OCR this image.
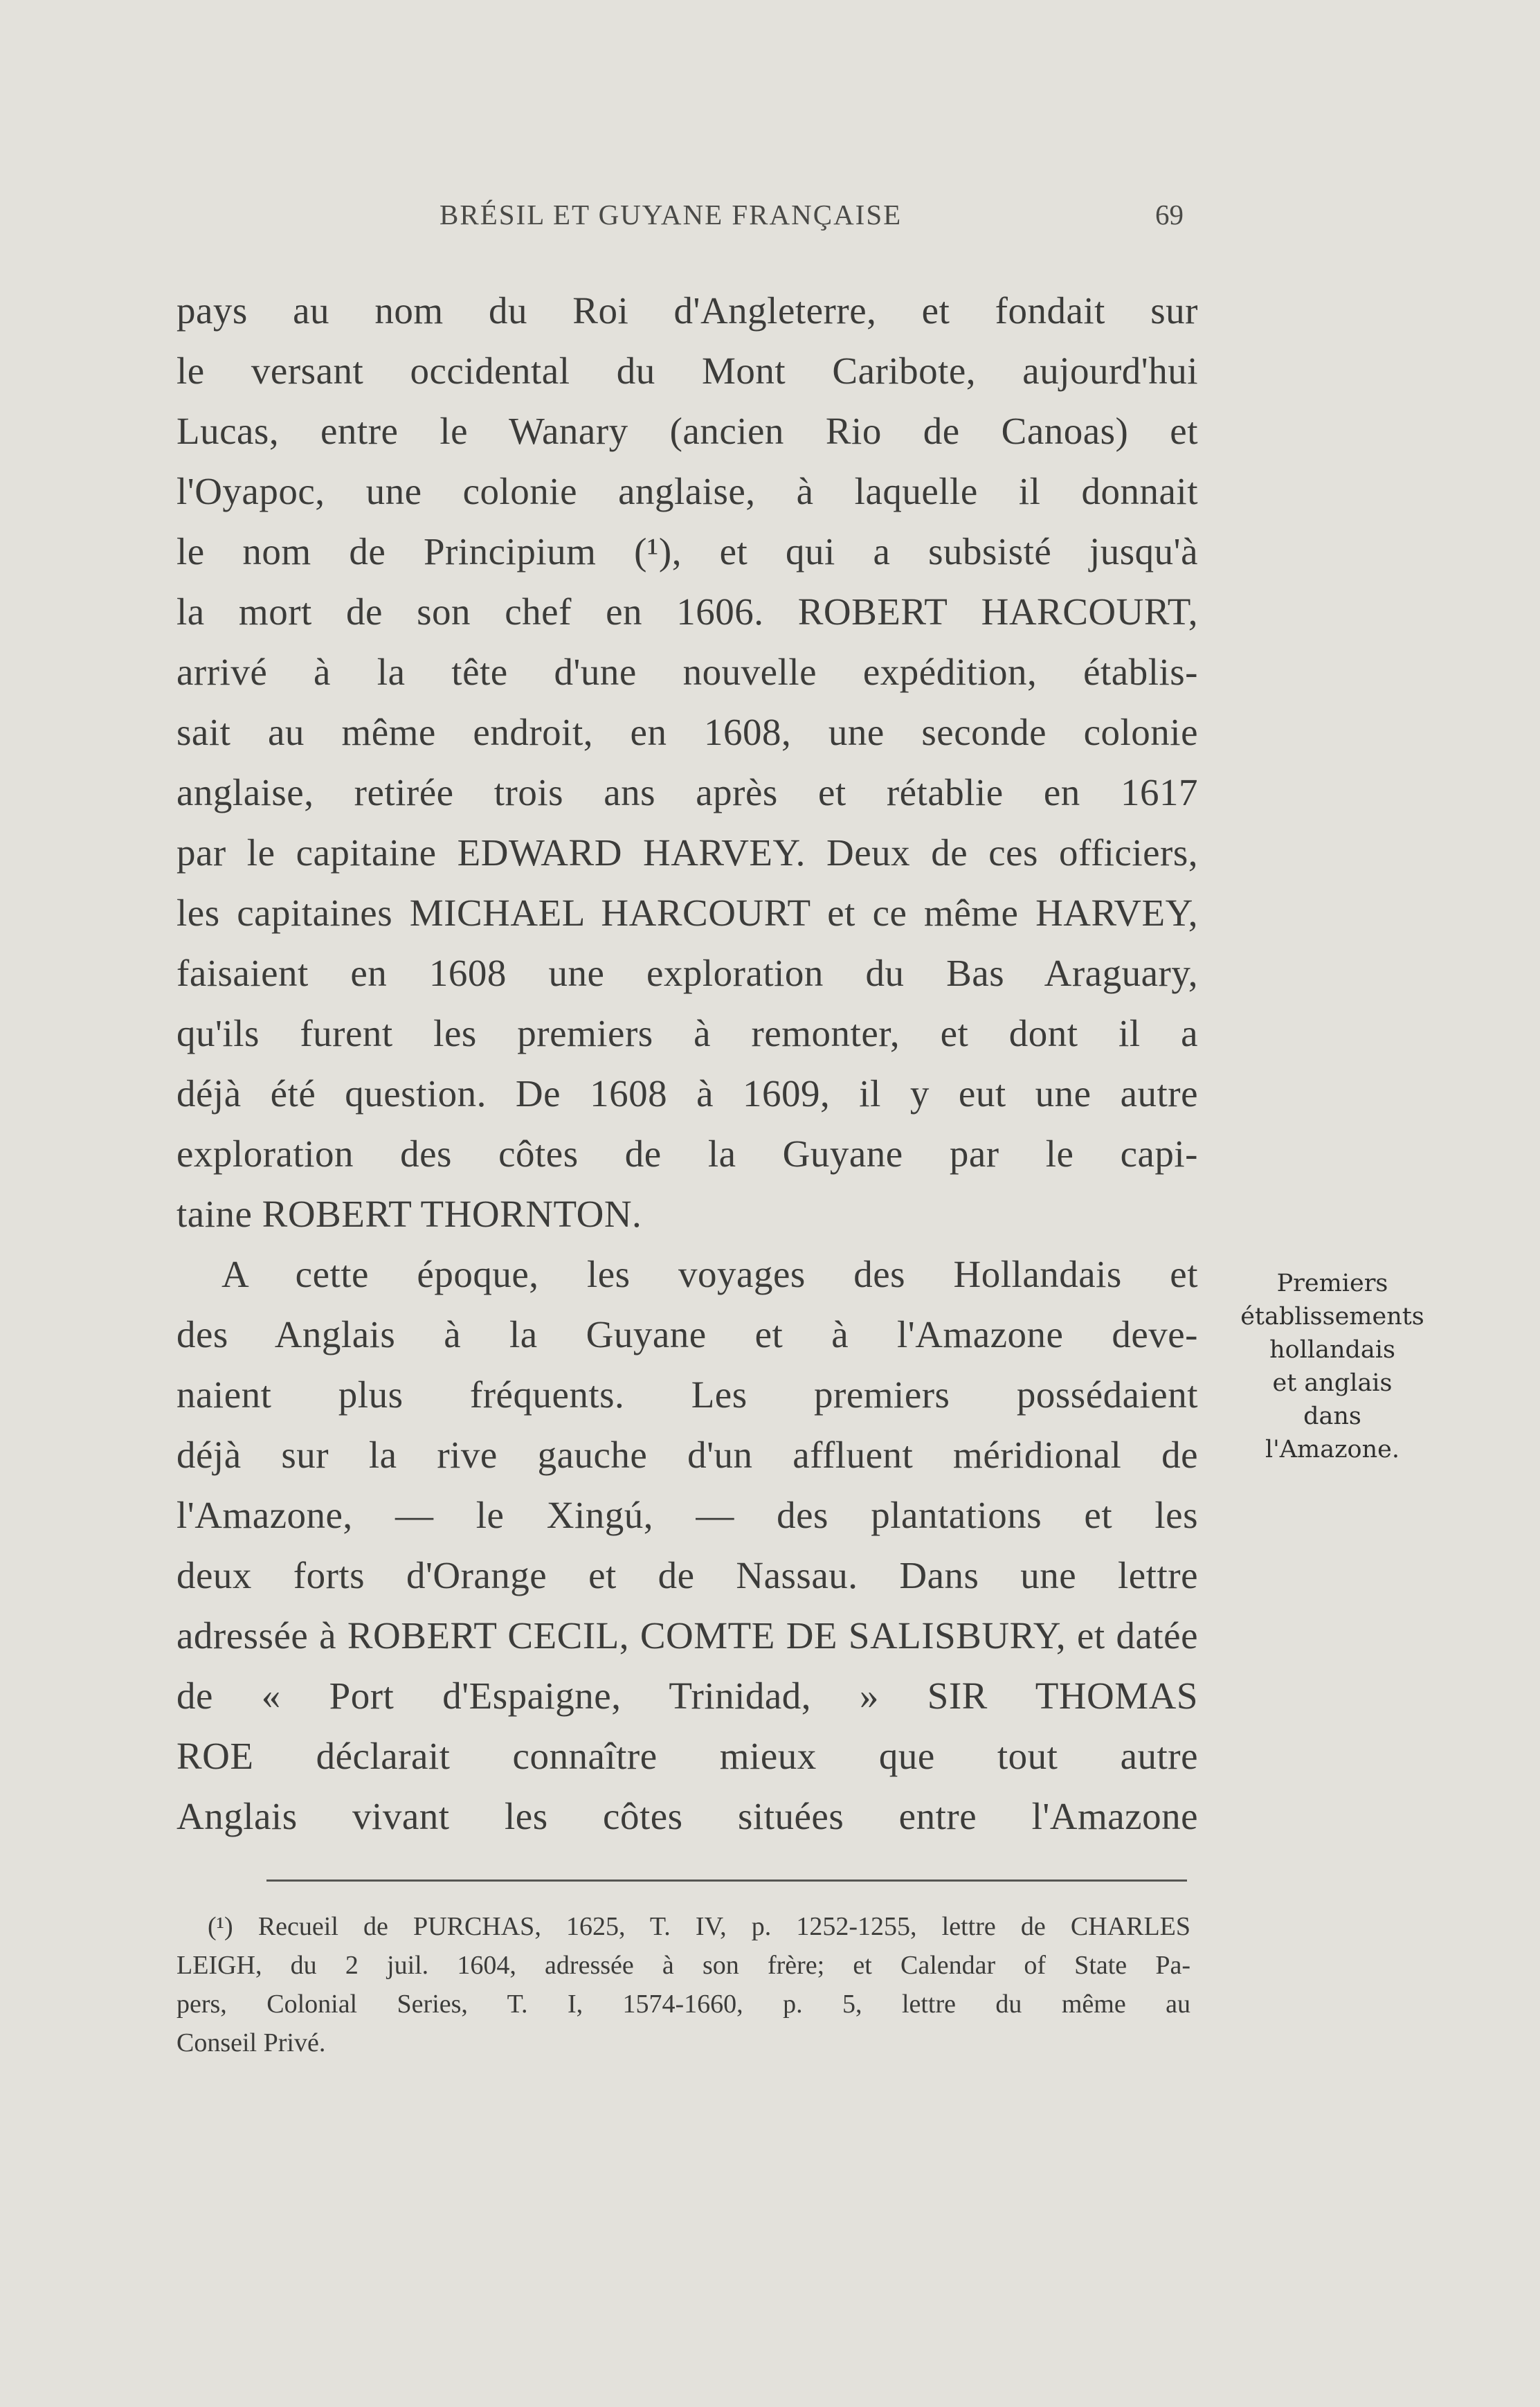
BRÉSIL ET GUYANE FRANÇAISE	69
pays au nom du Roi d'Angleterre, et fondait sur
le versant occidental du Mont Caribote, aujourd'hui
Lucas, entre le Wanary (ancien Rio de Canoas) et
l'Oyapoc, une colonie anglaise, à laquelle il donnait
le nom de Principium (¹), et qui a subsisté jusqu'à
la mort de son chef en 1606. ROBERT HARCOURT,
arrivé à la tête d'une nouvelle expédition, établis-
sait au même endroit, en 1608, une seconde colonie
anglaise, retirée trois ans après et rétablie en 1617
par le capitaine EDWARD HARVEY. Deux de ces officiers,
les capitaines MICHAEL HARCOURT et ce même HARVEY,
faisaient en 1608 une exploration du Bas Araguary,
qu'ils furent les premiers à remonter, et dont il a
déjà été question. De 1608 à 1609, il y eut une autre
exploration des côtes de la Guyane par le capi-
taine ROBERT THORNTON.
A cette époque, les voyages des Hollandais et
des Anglais à la Guyane et à l'Amazone deve-
naient plus fréquents. Les premiers possédaient
déjà sur la rive gauche d'un affluent méridional de
l'Amazone, — le Xingú, — des plantations et les
deux forts d'Orange et de Nassau. Dans une lettre
adressée à ROBERT CECIL, COMTE DE SALISBURY, et datée
de « Port d'Espaigne, Trinidad, » SIR THOMAS
ROE déclarait connaître mieux que tout autre
Anglais vivant les côtes situées entre l'Amazone
Premiers
établissements
hollandais
et anglais
dans
l'Amazone.
(¹) Recueil de PURCHAS, 1625, T. IV, p. 1252-1255, lettre de CHARLES
LEIGH, du 2 juil. 1604, adressée à son frère; et Calendar of State Pa-
pers, Colonial Series, T. I, 1574-1660, p. 5, lettre du même au
Conseil Privé.
